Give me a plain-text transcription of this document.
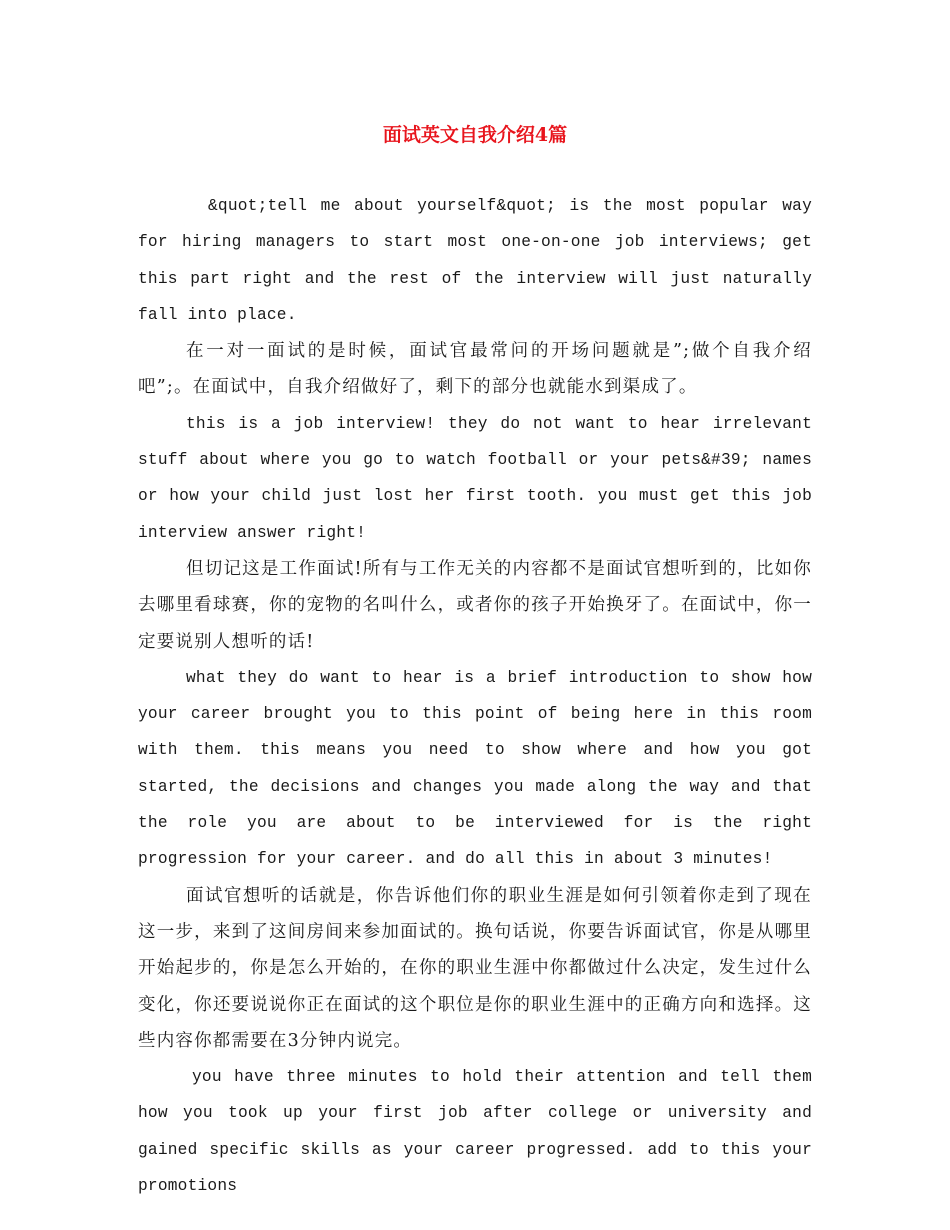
面试英文自我介绍4篇

&quot;tell me about yourself&quot; is the most popular way for hiring managers to start most one-on-one job interviews; get this part right and the rest of the interview will just naturally fall into place.

在一对一面试的是时候，面试官最常问的开场问题就是”;做个自我介绍吧”;。在面试中，自我介绍做好了，剩下的部分也就能水到渠成了。

this is a job interview! they do not want to hear irrelevant stuff about where you go to watch football or your pets&#39; names or how your child just lost her first tooth. you must get this job interview answer right!

但切记这是工作面试!所有与工作无关的内容都不是面试官想听到的，比如你去哪里看球赛，你的宠物的名叫什么，或者你的孩子开始换牙了。在面试中，你一定要说别人想听的话!

what they do want to hear is a brief introduction to show how your career brought you to this point of being here in this room with them. this means you need to show where and how you got started, the decisions and changes you made along the way and that the role you are about to be interviewed for is the right progression for your career. and do all this in about 3 minutes!

面试官想听的话就是，你告诉他们你的职业生涯是如何引领着你走到了现在这一步，来到了这间房间来参加面试的。换句话说，你要告诉面试官，你是从哪里开始起步的，你是怎么开始的，在你的职业生涯中你都做过什么决定，发生过什么变化，你还要说说你正在面试的这个职位是你的职业生涯中的正确方向和选择。这些内容你都需要在3分钟内说完。

you have three minutes to hold their attention and tell them how you took up your first job after college or university and gained specific skills as your career progressed. add to this your promotions
